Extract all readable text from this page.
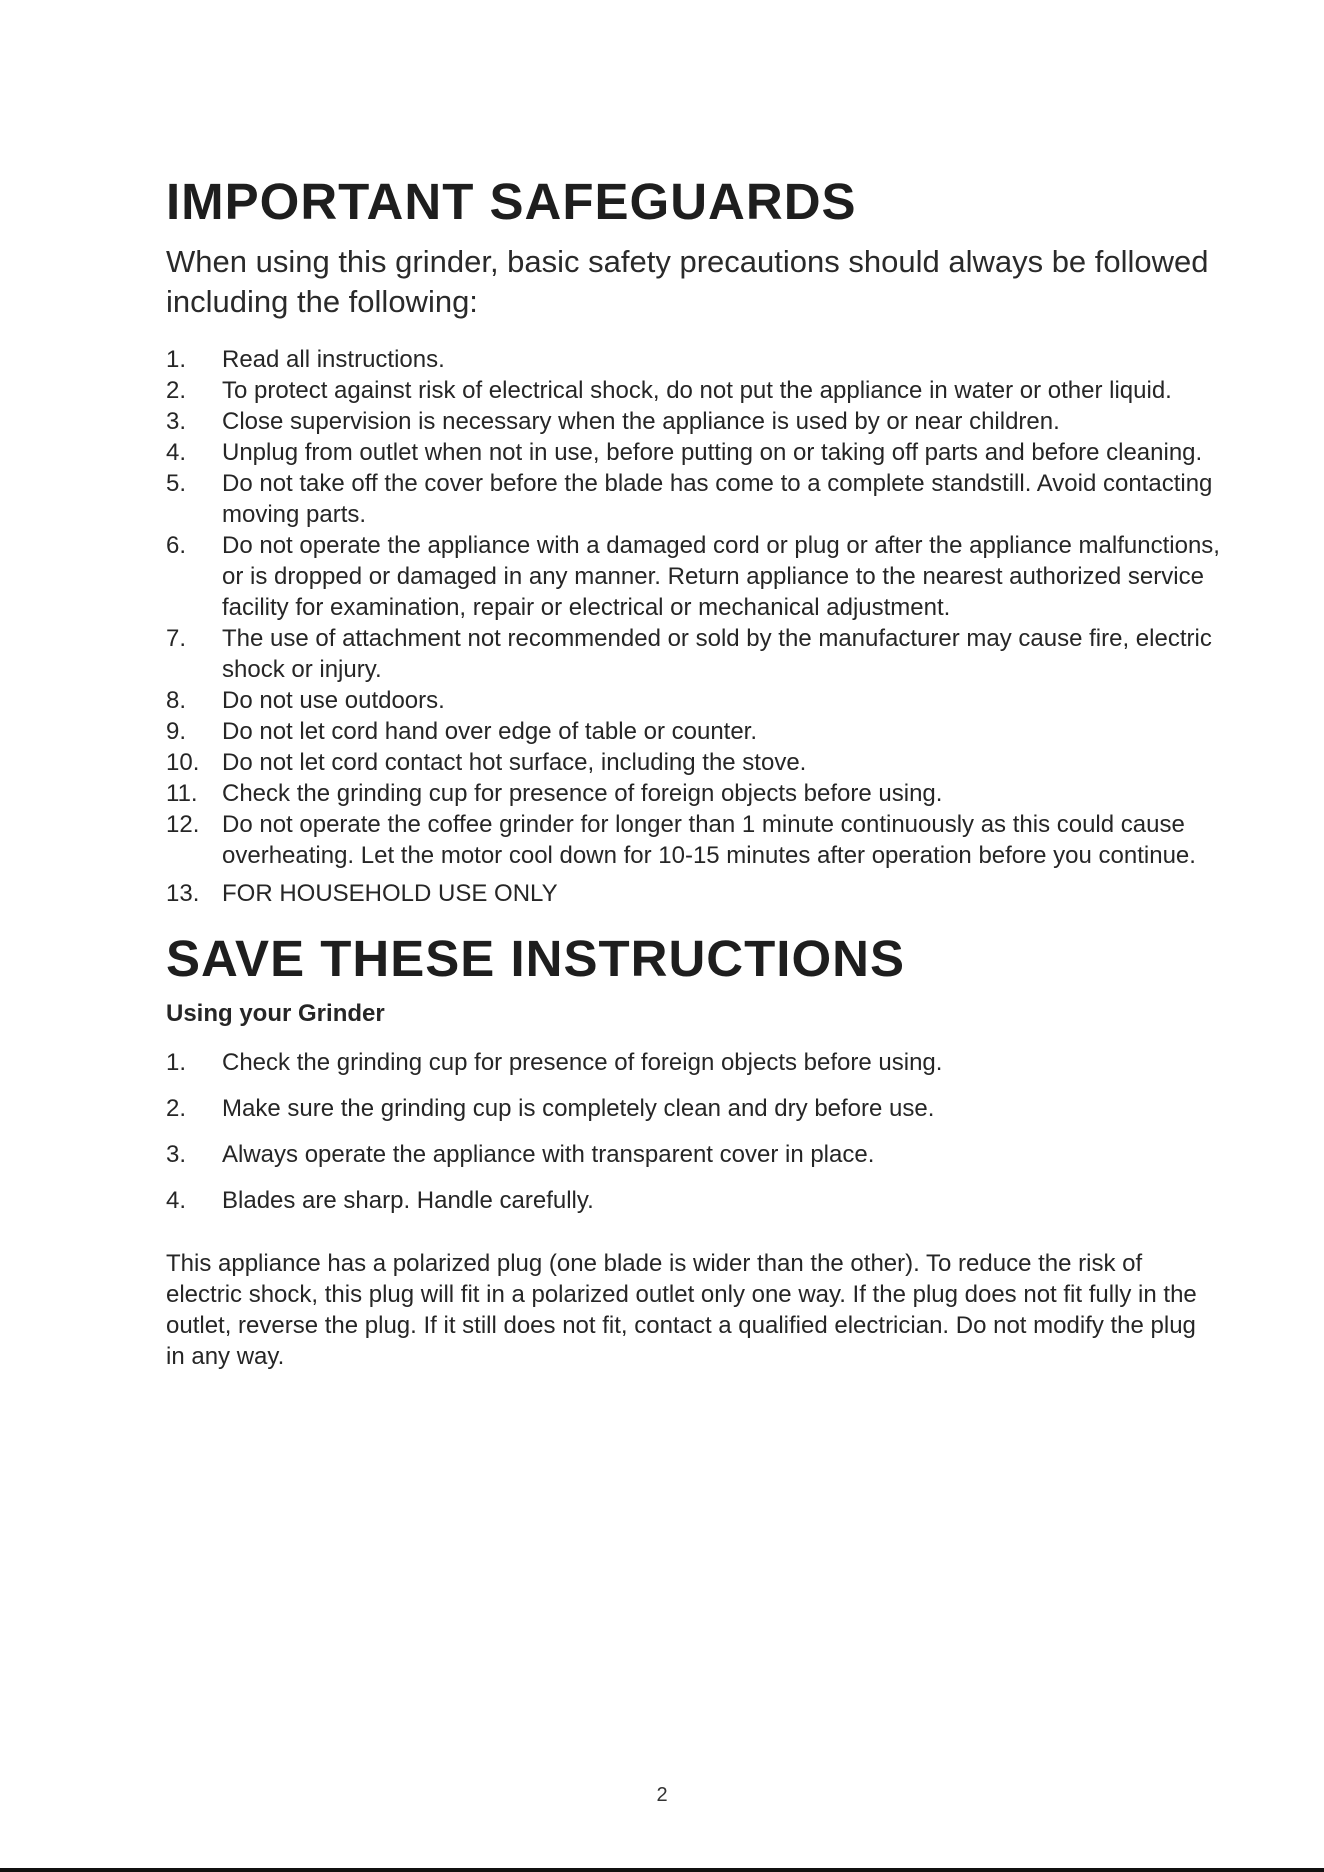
IMPORTANT SAFEGUARDS

When using this grinder, basic safety precautions should always be followed including the following:

1.	Read all instructions.
2.	To protect against risk of electrical shock, do not put the appliance in water or other liquid.
3.	Close supervision is necessary when the appliance is used by or near children.
4.	Unplug from outlet when not in use, before putting on or taking off parts and before cleaning.
5.	Do not take off the cover before the blade has come to a complete standstill. Avoid contacting moving parts.
6.	Do not operate the appliance with a damaged cord or plug or after the appliance malfunctions, or is dropped or damaged in any manner. Return appliance to the nearest authorized service facility for examination, repair or electrical or mechanical adjustment.
7.	The use of attachment not recommended or sold by the manufacturer may cause fire, electric shock or injury.
8.	Do not use outdoors.
9.	Do not let cord hand over edge of table or counter.
10. Do not let cord contact hot surface, including the stove.
11.	Check the grinding cup for presence of foreign objects before using.
12. Do not operate the coffee grinder for longer than 1 minute continuously as this could cause overheating. Let the motor cool down for 10-15 minutes after operation before you continue.
13. FOR HOUSEHOLD USE ONLY
SAVE THESE INSTRUCTIONS

Using your Grinder

1.	Check the grinding cup for presence of foreign objects before using.
2.	Make sure the grinding cup is completely clean and dry before use.
3.	Always operate the appliance with transparent cover in place.
4.	Blades are sharp. Handle carefully.

This appliance has a polarized plug (one blade is wider than the other). To reduce the risk of electric shock, this plug will fit in a polarized outlet only one way. If the plug does not fit fully in the outlet, reverse the plug. If it still does not fit, contact a qualified electrician. Do not modify the plug in any way.

2
